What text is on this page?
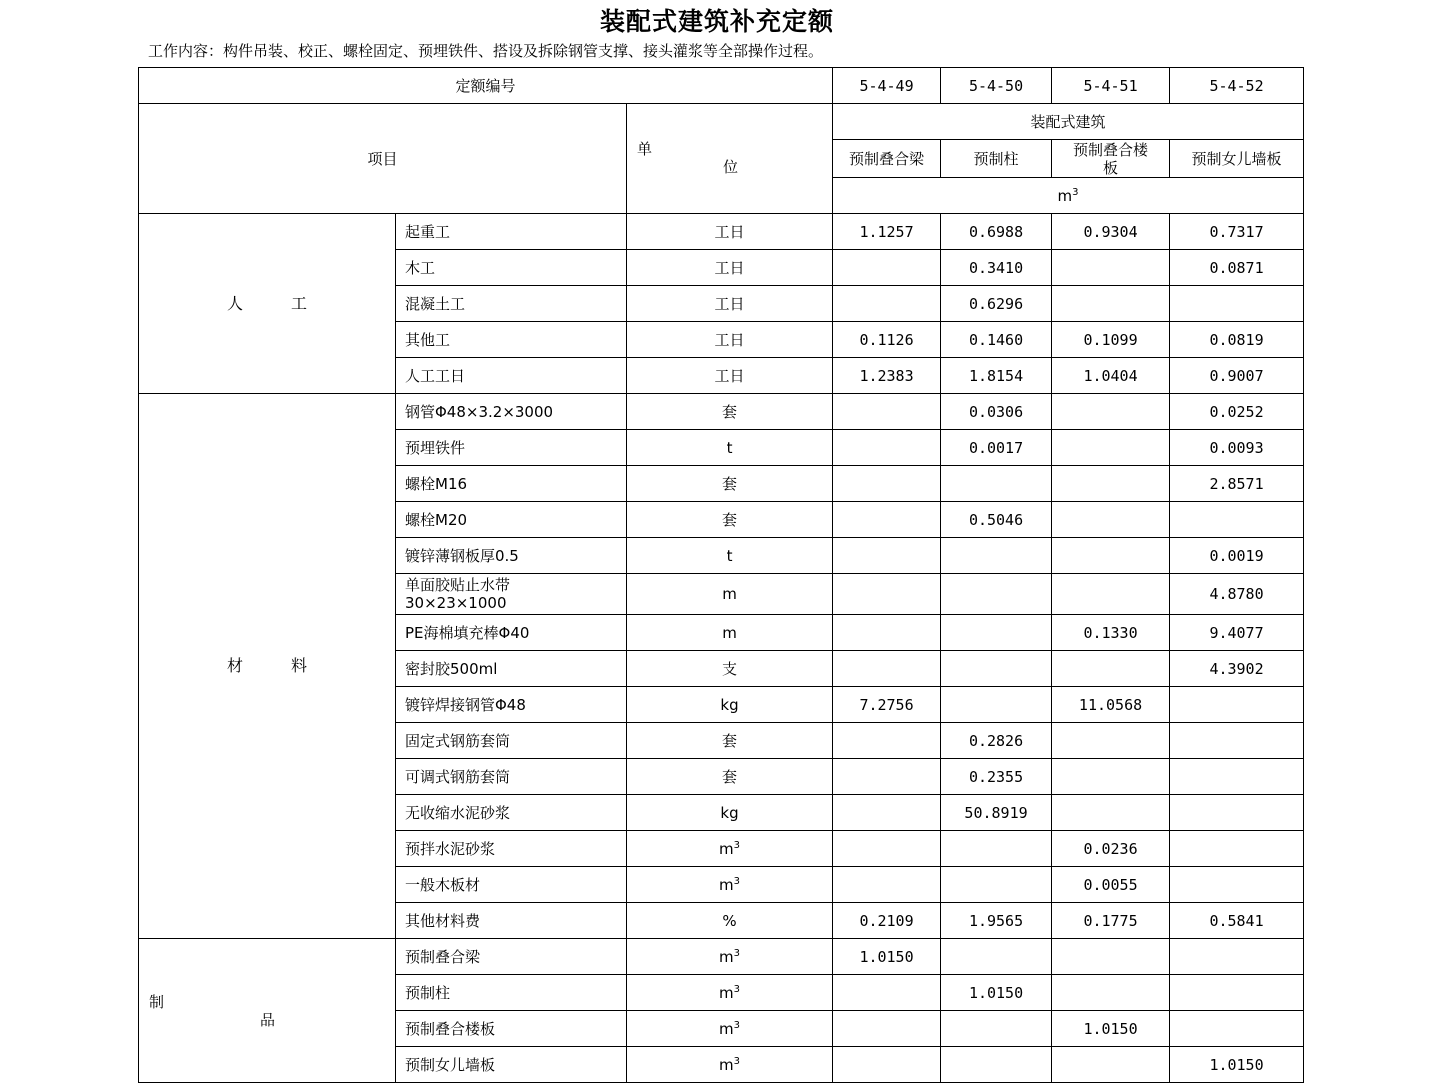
装配式建筑补充定额
工作内容：构件吊装、校正、螺栓固定、预埋铁件、搭设及拆除钢管支撑、接头灌浆等全部操作过程。
定额编号			5-4-49	5-4-50	5-4-51	5-4-52
项目		单
位	装配式建筑			
			预制叠合梁	预制柱	预制叠合楼板	预制女儿墙板
			$m^3$
人　　　工	起重工	工日	1.1257	0.6988	0.9304	0.7317
	木工	工日		0.3410		0.0871
	混凝土工	工日		0.6296		
	其他工	工日	0.1126	0.1460	0.1099	0.0819
	人工工日	工日	1.2383	1.8154	1.0404	0.9007
材　　　料	钢管Φ48×3.2×3000	套		0.0306		0.0252
	预埋铁件	t		0.0017		0.0093
	螺栓M16	套				2.8571
	螺栓M20	套		0.5046		
	镀锌薄钢板厚0.5	t				0.0019
	单面胶贴止水带
30×23×1000	m				4.8780
	PE海棉填充棒Φ40	m			0.1330	9.4077
	密封胶500ml	支				4.3902
	镀锌焊接钢管Φ48	kg	7.2756		11.0568	
	固定式钢筋套筒	套		0.2826		
	可调式钢筋套筒	套		0.2355		
	无收缩水泥砂浆	kg		50.8919		
	预拌水泥砂浆	$m^3$			0.0236	
	一般木板材	$m^3$			0.0055	
	其他材料费	%	0.2109	1.9565	0.1775	0.5841

制
品	预制叠合梁	$m^3$	1.0150			
	预制柱	$m^3$		1.0150		
	预制叠合楼板	$m^3$			1.0150	
	预制女儿墙板	$m^3$				1.0150
